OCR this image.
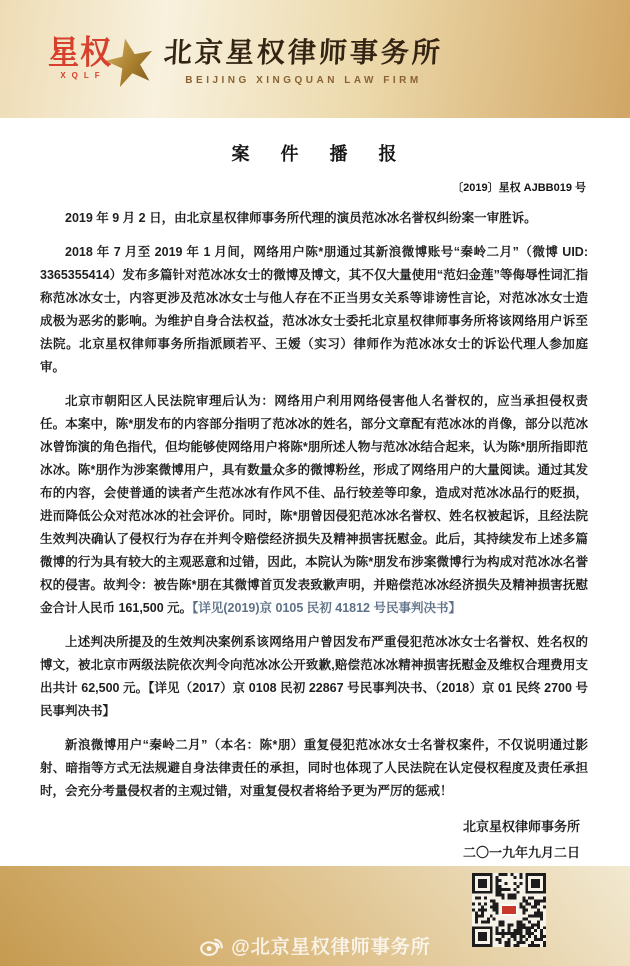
星权
XQLF
北京星权律师事务所
BEIJING XINGQUAN LAW FIRM
案 件 播 报
〔2019〕星权 AJBB019 号

2019 年 9 月 2 日，由北京星权律师事务所代理的演员范冰冰名誉权纠纷案一审胜诉。

2018 年 7 月至 2019 年 1 月间，网络用户陈*朋通过其新浪微博账号“秦岭二月”（微博 UID: 3365355414）发布多篇针对范冰冰女士的微博及博文，其不仅大量使用“范妇金莲”等侮辱性词汇指称范冰冰女士，内容更涉及范冰冰女士与他人存在不正当男女关系等诽谤性言论，对范冰冰女士造成极为恶劣的影响。为维护自身合法权益，范冰冰女士委托北京星权律师事务所将该网络用户诉至法院。北京星权律师事务所指派顾若平、王嫒（实习）律师作为范冰冰女士的诉讼代理人参加庭审。

北京市朝阳区人民法院审理后认为：网络用户利用网络侵害他人名誉权的，应当承担侵权责任。本案中，陈*朋发布的内容部分指明了范冰冰的姓名，部分文章配有范冰冰的肖像，部分以范冰冰曾饰演的角色指代，但均能够使网络用户将陈*朋所述人物与范冰冰结合起来，认为陈*朋所指即范冰冰。陈*朋作为涉案微博用户，具有数量众多的微博粉丝，形成了网络用户的大量阅读。通过其发布的内容，会使普通的读者产生范冰冰有作风不佳、品行较差等印象，造成对范冰冰品行的贬损，进而降低公众对范冰冰的社会评价。同时，陈*朋曾因侵犯范冰冰名誉权、姓名权被起诉，且经法院生效判决确认了侵权行为存在并判令赔偿经济损失及精神损害抚慰金。此后，其持续发布上述多篇微博的行为具有较大的主观恶意和过错，因此，本院认为陈*朋发布涉案微博行为构成对范冰冰名誉权的侵害。故判令：被告陈*朋在其微博首页发表致歉声明，并赔偿范冰冰经济损失及精神损害抚慰金合计人民币 161,500 元。【详见(2019)京 0105 民初 41812 号民事判决书】

上述判决所提及的生效判决案例系该网络用户曾因发布严重侵犯范冰冰女士名誉权、姓名权的博文，被北京市两级法院依次判令向范冰冰公开致歉,赔偿范冰冰精神损害抚慰金及维权合理费用支出共计 62,500 元。【详见（2017）京 0108 民初 22867 号民事判决书、（2018）京 01 民终 2700 号民事判决书】

新浪微博用户“秦岭二月”（本名：陈*朋）重复侵犯范冰冰女士名誉权案件，不仅说明通过影射、暗指等方式无法规避自身法律责任的承担，同时也体现了人民法院在认定侵权程度及责任承担时，会充分考量侵权者的主观过错，对重复侵权者将给予更为严厉的惩戒！

北京星权律师事务所
二〇一九年九月二日
@北京星权律师事务所
